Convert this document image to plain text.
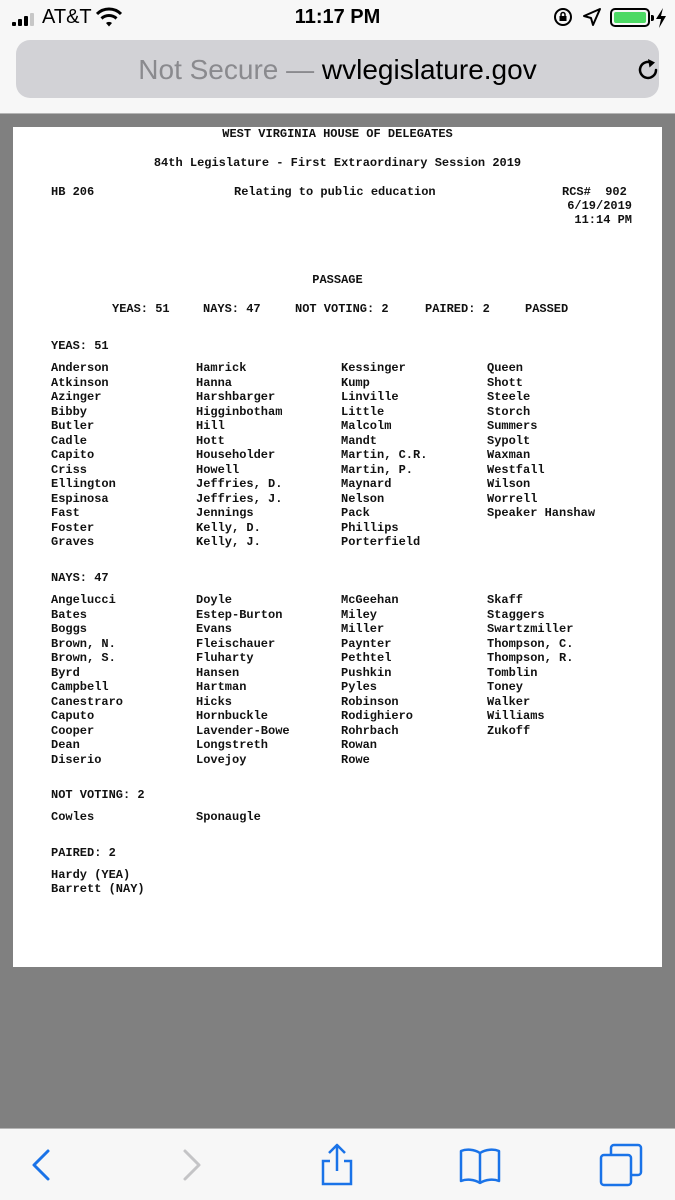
AT&T	11:17 PM
Not Secure — wvlegislature.gov
WEST VIRGINIA HOUSE OF DELEGATES
84th Legislature - First Extraordinary Session 2019
HB 206	Relating to public education	RCS#  902
6/19/2019
11:14 PM
PASSAGE
YEAS: 51	NAYS: 47	NOT VOTING: 2	PAIRED: 2	PASSED
YEAS: 51
Anderson	Hamrick	Kessinger	Queen
Atkinson	Hanna	Kump	Shott
Azinger	Harshbarger	Linville	Steele
Bibby	Higginbotham	Little	Storch
Butler	Hill	Malcolm	Summers
Cadle	Hott	Mandt	Sypolt
Capito	Householder	Martin, C.R.	Waxman
Criss	Howell	Martin, P.	Westfall
Ellington	Jeffries, D.	Maynard	Wilson
Espinosa	Jeffries, J.	Nelson	Worrell
Fast	Jennings	Pack	Speaker Hanshaw
Foster	Kelly, D.	Phillips
Graves	Kelly, J.	Porterfield
NAYS: 47
Angelucci	Doyle	McGeehan	Skaff
Bates	Estep-Burton	Miley	Staggers
Boggs	Evans	Miller	Swartzmiller
Brown, N.	Fleischauer	Paynter	Thompson, C.
Brown, S.	Fluharty	Pethtel	Thompson, R.
Byrd	Hansen	Pushkin	Tomblin
Campbell	Hartman	Pyles	Toney
Canestraro	Hicks	Robinson	Walker
Caputo	Hornbuckle	Rodighiero	Williams
Cooper	Lavender-Bowe	Rohrbach	Zukoff
Dean	Longstreth	Rowan
Diserio	Lovejoy	Rowe
NOT VOTING: 2
Cowles	Sponaugle
PAIRED: 2
Hardy (YEA)
Barrett (NAY)
